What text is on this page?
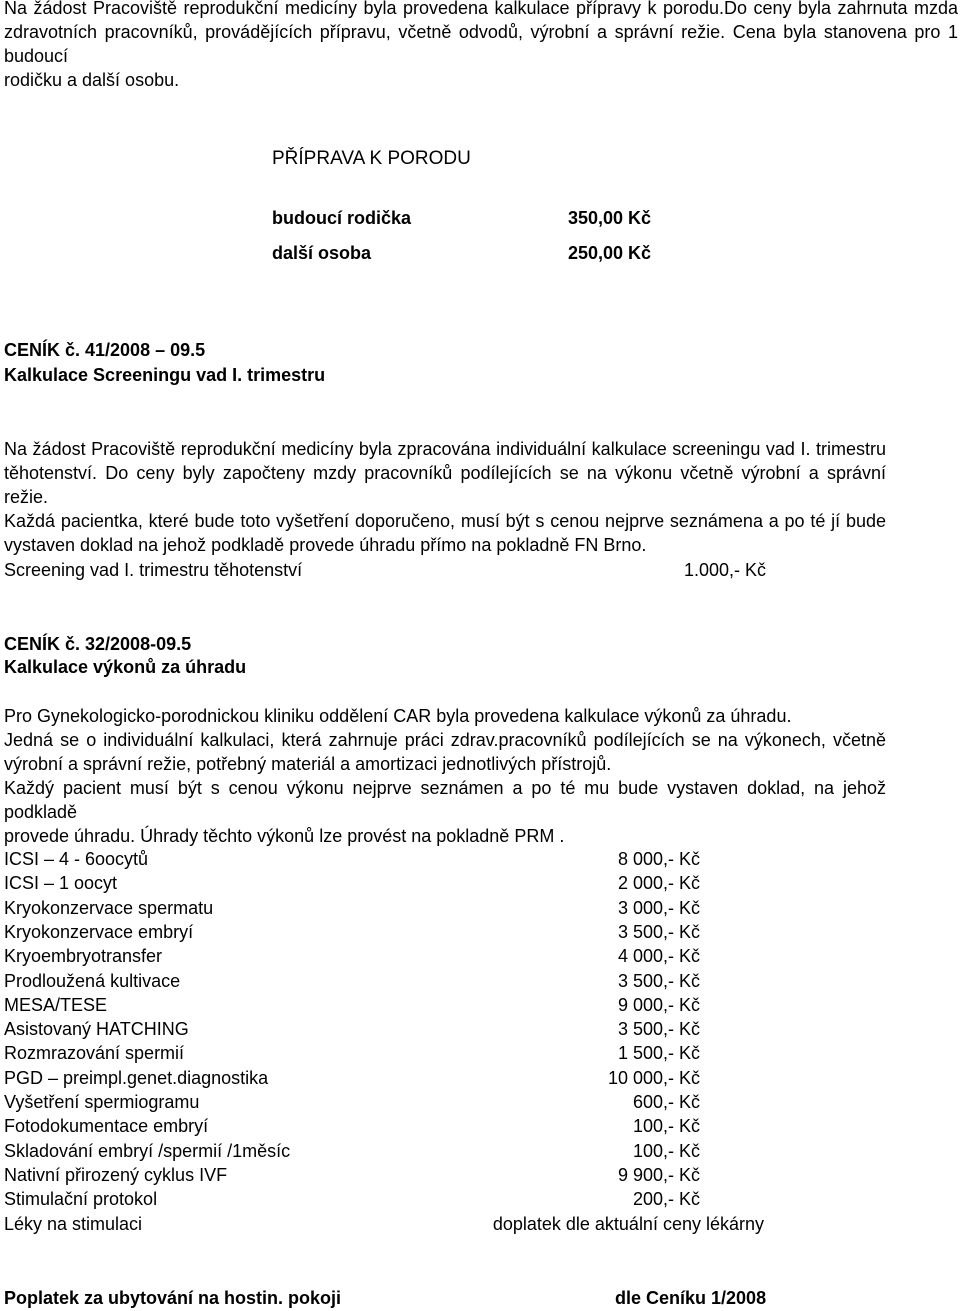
Na žádost Pracoviště reprodukční medicíny byla provedena kalkulace přípravy k porodu.Do ceny byla zahrnuta mzda
zdravotních pracovníků, provádějících přípravu, včetně odvodů, výrobní a správní režie. Cena byla stanovena pro 1 budoucí
rodičku a další osobu.
PŘÍPRAVA K PORODU
budoucí rodička	350,00 Kč
další osoba	250,00 Kč
CENÍK č. 41/2008 – 09.5
Kalkulace Screeningu vad I. trimestru
Na žádost Pracoviště reprodukční medicíny byla zpracována individuální kalkulace screeningu vad I. trimestru
těhotenství. Do ceny byly započteny mzdy pracovníků podílejících se na výkonu včetně výrobní a správní režie.
Každá pacientka, které bude toto vyšetření doporučeno, musí být s cenou nejprve seznámena a po té jí bude
vystaven doklad na jehož podkladě provede úhradu přímo na pokladně FN Brno.
Screening vad I. trimestru těhotenství	1.000,- Kč
CENÍK č. 32/2008-09.5
Kalkulace výkonů za úhradu
Pro Gynekologicko-porodnickou kliniku oddělení CAR byla provedena kalkulace výkonů za úhradu.
Jedná se o individuální kalkulaci, která zahrnuje práci zdrav.pracovníků podílejících se na výkonech, včetně
výrobní a správní režie, potřebný materiál a amortizaci jednotlivých přístrojů.
Každý pacient musí být s cenou výkonu nejprve seznámen a po té mu bude vystaven doklad, na jehož podkladě
provede úhradu. Úhrady těchto výkonů lze provést na pokladně PRM .
ICSI – 4 - 6oocytů	8 000,- Kč
ICSI – 1 oocyt	2 000,- Kč
Kryokonzervace spermatu	3 000,- Kč
Kryokonzervace embryí	3 500,- Kč
Kryoembryotransfer	4 000,- Kč
Prodloužená kultivace	3 500,- Kč
MESA/TESE	9 000,- Kč
Asistovaný HATCHING	3 500,- Kč
Rozmrazování spermií	1 500,- Kč
PGD – preimpl.genet.diagnostika	10 000,- Kč
Vyšetření spermiogramu	600,- Kč
Fotodokumentace embryí	100,- Kč
Skladování embryí /spermií /1měsíc	100,- Kč
Nativní přirozený cyklus IVF	9 900,- Kč
Stimulační protokol	200,- Kč
Léky na stimulaci	doplatek dle aktuální ceny lékárny
Poplatek za ubytování na hostin. pokoji	dle Ceníku 1/2008
